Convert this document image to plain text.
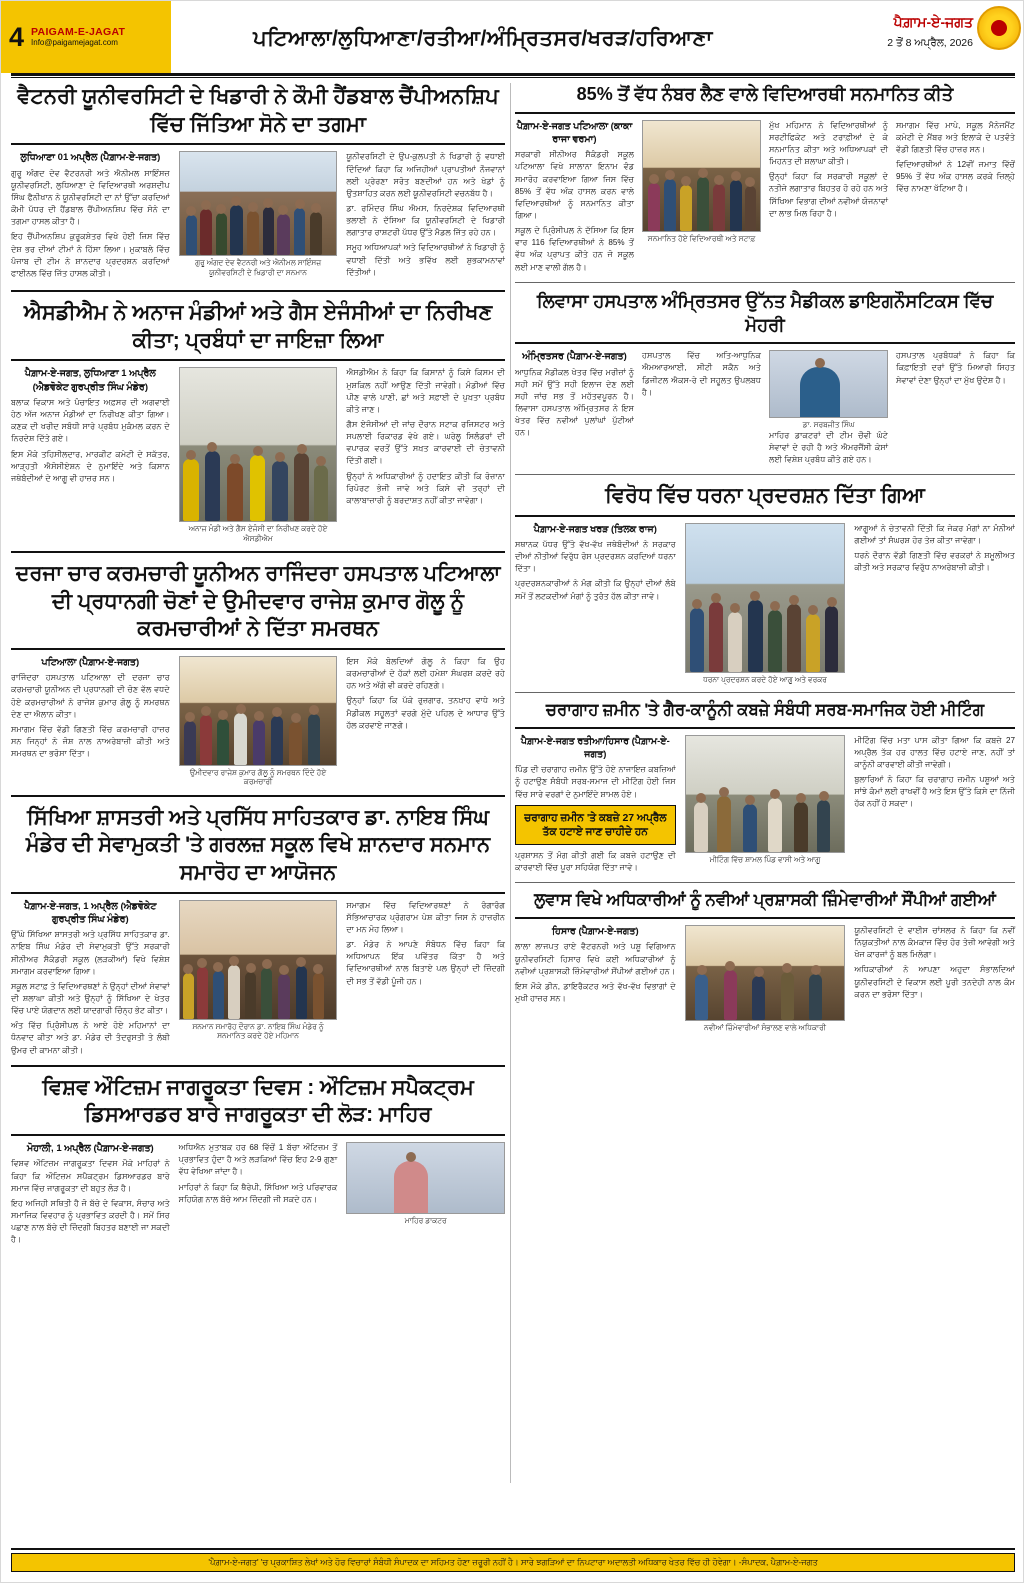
4 PAIGAM-E-JAGAT
Info@paigamejagat.com	ਪਟਿਆਲਾ/ਲੁਧਿਆਣਾ/ਰਤੀਆ/ਅੰਮ੍ਰਿਤਸਰ/ਖਰੜ/ਹਰਿਆਣਾ
ਪੈਗ਼ਾਮ-ਏ-ਜਗਤ
2 ਤੋਂ 8 ਅਪ੍ਰੈਲ, 2026
ਵੈਟਨਰੀ ਯੂਨੀਵਰਸਿਟੀ ਦੇ ਖਿਡਾਰੀ ਨੇ ਕੌਮੀ ਹੈਂਡਬਾਲ ਚੈਂਪੀਅਨਸ਼ਿਪ ਵਿੱਚ ਜਿੱਤਿਆ ਸੋਨੇ ਦਾ ਤਗਮਾ
ਲੁਧਿਆਣਾ 01 ਅਪ੍ਰੈਲ (ਪੈਗ਼ਾਮ-ਏ-ਜਗਤ)

ਗੁਰੂ ਅੰਗਦ ਦੇਵ ਵੈਟਰਨਰੀ ਅਤੇ ਐਨੀਮਲ ਸਾਇੰਸਜ਼ ਯੂਨੀਵਰਸਿਟੀ, ਲੁਧਿਆਣਾ ਦੇ ਵਿਦਿਆਰਥੀ ਅਰਸ਼ਦੀਪ ਸਿੰਘ ਫੈਨੀਖਾਨ ਨੇ ਯੂਨੀਵਰਸਿਟੀ ਦਾ ਨਾਂ ਉੱਚਾ ਕਰਦਿਆਂ ਕੌਮੀ ਪੱਧਰ ਦੀ ਹੈਂਡਬਾਲ ਚੈਂਪੀਅਨਸ਼ਿਪ ਵਿੱਚ ਸੋਨੇ ਦਾ ਤਗਮਾ ਹਾਸਲ ਕੀਤਾ ਹੈ।

ਇਹ ਚੈਂਪੀਅਨਸ਼ਿਪ ਕੁਰੂਕਸ਼ੇਤਰ ਵਿਖੇ ਹੋਈ ਜਿਸ ਵਿੱਚ ਦੇਸ਼ ਭਰ ਦੀਆਂ ਟੀਮਾਂ ਨੇ ਹਿੱਸਾ ਲਿਆ। ਮੁਕਾਬਲੇ ਵਿੱਚ ਪੰਜਾਬ ਦੀ ਟੀਮ ਨੇ ਸ਼ਾਨਦਾਰ ਪ੍ਰਦਰਸ਼ਨ ਕਰਦਿਆਂ ਫਾਈਨਲ ਵਿੱਚ ਜਿੱਤ ਹਾਸਲ ਕੀਤੀ।

ਗੁਰੂ ਅੰਗਦ ਦੇਵ ਵੈਟਨਰੀ ਅਤੇ ਐਨੀਮਲ ਸਾਇੰਸਜ਼ ਯੂਨੀਵਰਸਿਟੀ ਦੇ ਖਿਡਾਰੀ ਦਾ ਸਨਮਾਨ

ਯੂਨੀਵਰਸਿਟੀ ਦੇ ਉਪ-ਕੁਲਪਤੀ ਨੇ ਖਿਡਾਰੀ ਨੂੰ ਵਧਾਈ ਦਿੰਦਿਆਂ ਕਿਹਾ ਕਿ ਅਜਿਹੀਆਂ ਪ੍ਰਾਪਤੀਆਂ ਨੌਜਵਾਨਾਂ ਲਈ ਪ੍ਰੇਰਣਾ ਸਰੋਤ ਬਣਦੀਆਂ ਹਨ ਅਤੇ ਖੇਡਾਂ ਨੂੰ ਉਤਸ਼ਾਹਿਤ ਕਰਨ ਲਈ ਯੂਨੀਵਰਸਿਟੀ ਵਚਨਬੱਧ ਹੈ।

ਡਾ. ਰਮਿੰਦਰ ਸਿੰਘ ਐਮਸ, ਨਿਰਦੇਸ਼ਕ ਵਿਦਿਆਰਥੀ ਭਲਾਈ ਨੇ ਦੱਸਿਆ ਕਿ ਯੂਨੀਵਰਸਿਟੀ ਦੇ ਖਿਡਾਰੀ ਲਗਾਤਾਰ ਰਾਸ਼ਟਰੀ ਪੱਧਰ ਉੱਤੇ ਮੈਡਲ ਜਿੱਤ ਰਹੇ ਹਨ।

ਸਮੂਹ ਅਧਿਆਪਕਾਂ ਅਤੇ ਵਿਦਿਆਰਥੀਆਂ ਨੇ ਖਿਡਾਰੀ ਨੂੰ ਵਧਾਈ ਦਿੱਤੀ ਅਤੇ ਭਵਿੱਖ ਲਈ ਸ਼ੁਭਕਾਮਨਾਵਾਂ ਦਿੱਤੀਆਂ।

ਐਸਡੀਐਮ ਨੇ ਅਨਾਜ ਮੰਡੀਆਂ ਅਤੇ ਗੈਸ ਏਜੰਸੀਆਂ ਦਾ ਨਿਰੀਖਣ ਕੀਤਾ; ਪ੍ਰਬੰਧਾਂ ਦਾ ਜਾਇਜ਼ਾ ਲਿਆ
ਪੈਗ਼ਾਮ-ਏ-ਜਗਤ, ਲੁਧਿਆਣਾ 1 ਅਪ੍ਰੈਲ (ਐਡਵੋਕੇਟ ਗੁਰਪ੍ਰੀਤ ਸਿੰਘ ਮੰਡੇਰ)

ਬਲਾਕ ਵਿਕਾਸ ਅਤੇ ਪੰਚਾਇਤ ਅਫ਼ਸਰ ਦੀ ਅਗਵਾਈ ਹੇਠ ਅੱਜ ਅਨਾਜ ਮੰਡੀਆਂ ਦਾ ਨਿਰੀਖਣ ਕੀਤਾ ਗਿਆ। ਕਣਕ ਦੀ ਖਰੀਦ ਸਬੰਧੀ ਸਾਰੇ ਪ੍ਰਬੰਧ ਮੁਕੰਮਲ ਕਰਨ ਦੇ ਨਿਰਦੇਸ਼ ਦਿੱਤੇ ਗਏ।

ਇਸ ਮੌਕੇ ਤਹਿਸੀਲਦਾਰ, ਮਾਰਕੀਟ ਕਮੇਟੀ ਦੇ ਸਕੱਤਰ, ਆੜ੍ਹਤੀ ਐਸੋਸੀਏਸ਼ਨ ਦੇ ਨੁਮਾਇੰਦੇ ਅਤੇ ਕਿਸਾਨ ਜਥੇਬੰਦੀਆਂ ਦੇ ਆਗੂ ਵੀ ਹਾਜ਼ਰ ਸਨ।

ਅਨਾਜ ਮੰਡੀ ਅਤੇ ਗੈਸ ਏਜੰਸੀ ਦਾ ਨਿਰੀਖਣ ਕਰਦੇ ਹੋਏ ਐਸਡੀਐਮ

ਐਸਡੀਐਮ ਨੇ ਕਿਹਾ ਕਿ ਕਿਸਾਨਾਂ ਨੂੰ ਕਿਸੇ ਕਿਸਮ ਦੀ ਮੁਸ਼ਕਿਲ ਨਹੀਂ ਆਉਣ ਦਿੱਤੀ ਜਾਵੇਗੀ। ਮੰਡੀਆਂ ਵਿੱਚ ਪੀਣ ਵਾਲੇ ਪਾਣੀ, ਛਾਂ ਅਤੇ ਸਫ਼ਾਈ ਦੇ ਪੁਖ਼ਤਾ ਪ੍ਰਬੰਧ ਕੀਤੇ ਜਾਣ।

ਗੈਸ ਏਜੰਸੀਆਂ ਦੀ ਜਾਂਚ ਦੌਰਾਨ ਸਟਾਕ ਰਜਿਸਟਰ ਅਤੇ ਸਪਲਾਈ ਰਿਕਾਰਡ ਵੇਖੇ ਗਏ। ਘਰੇਲੂ ਸਿਲੰਡਰਾਂ ਦੀ ਵਪਾਰਕ ਵਰਤੋਂ ਉੱਤੇ ਸਖ਼ਤ ਕਾਰਵਾਈ ਦੀ ਚੇਤਾਵਨੀ ਦਿੱਤੀ ਗਈ।

ਉਨ੍ਹਾਂ ਨੇ ਅਧਿਕਾਰੀਆਂ ਨੂੰ ਹਦਾਇਤ ਕੀਤੀ ਕਿ ਰੋਜ਼ਾਨਾ ਰਿਪੋਰਟ ਭੇਜੀ ਜਾਵੇ ਅਤੇ ਕਿਸੇ ਵੀ ਤਰ੍ਹਾਂ ਦੀ ਕਾਲਾਬਾਜ਼ਾਰੀ ਨੂੰ ਬਰਦਾਸ਼ਤ ਨਹੀਂ ਕੀਤਾ ਜਾਵੇਗਾ।

ਦਰਜਾ ਚਾਰ ਕਰਮਚਾਰੀ ਯੂਨੀਅਨ ਰਾਜਿੰਦਰਾ ਹਸਪਤਾਲ ਪਟਿਆਲਾ ਦੀ ਪ੍ਰਧਾਨਗੀ ਚੋਣਾਂ ਦੇ ਉਮੀਦਵਾਰ ਰਾਜੇਸ਼ ਕੁਮਾਰ ਗੋਲੂ ਨੂੰ ਕਰਮਚਾਰੀਆਂ ਨੇ ਦਿੱਤਾ ਸਮਰਥਨ
ਪਟਿਆਲਾ (ਪੈਗ਼ਾਮ-ਏ-ਜਗਤ)

ਰਾਜਿੰਦਰਾ ਹਸਪਤਾਲ ਪਟਿਆਲਾ ਦੀ ਦਰਜਾ ਚਾਰ ਕਰਮਚਾਰੀ ਯੂਨੀਅਨ ਦੀ ਪ੍ਰਧਾਨਗੀ ਦੀ ਚੋਣ ਵੱਲ ਵਧਦੇ ਹੋਏ ਕਰਮਚਾਰੀਆਂ ਨੇ ਰਾਜੇਸ਼ ਕੁਮਾਰ ਗੋਲੂ ਨੂੰ ਸਮਰਥਨ ਦੇਣ ਦਾ ਐਲਾਨ ਕੀਤਾ।

ਸਮਾਗਮ ਵਿੱਚ ਵੱਡੀ ਗਿਣਤੀ ਵਿੱਚ ਕਰਮਚਾਰੀ ਹਾਜ਼ਰ ਸਨ ਜਿਨ੍ਹਾਂ ਨੇ ਜੋਸ਼ ਨਾਲ ਨਾਅਰੇਬਾਜ਼ੀ ਕੀਤੀ ਅਤੇ ਸਮਰਥਨ ਦਾ ਭਰੋਸਾ ਦਿੱਤਾ।

ਉਮੀਦਵਾਰ ਰਾਜੇਸ਼ ਕੁਮਾਰ ਗੋਲੂ ਨੂੰ ਸਮਰਥਨ ਦਿੰਦੇ ਹੋਏ ਕਰਮਚਾਰੀ

ਇਸ ਮੌਕੇ ਬੋਲਦਿਆਂ ਗੋਲੂ ਨੇ ਕਿਹਾ ਕਿ ਉਹ ਕਰਮਚਾਰੀਆਂ ਦੇ ਹੱਕਾਂ ਲਈ ਹਮੇਸ਼ਾ ਸੰਘਰਸ਼ ਕਰਦੇ ਰਹੇ ਹਨ ਅਤੇ ਅੱਗੇ ਵੀ ਕਰਦੇ ਰਹਿਣਗੇ।

ਉਨ੍ਹਾਂ ਕਿਹਾ ਕਿ ਪੱਕੇ ਰੁਜ਼ਗਾਰ, ਤਨਖ਼ਾਹ ਵਾਧੇ ਅਤੇ ਮੈਡੀਕਲ ਸਹੂਲਤਾਂ ਵਰਗੇ ਮੁੱਦੇ ਪਹਿਲ ਦੇ ਆਧਾਰ ਉੱਤੇ ਹੱਲ ਕਰਵਾਏ ਜਾਣਗੇ।

ਸਿੱਖਿਆ ਸ਼ਾਸਤਰੀ ਅਤੇ ਪ੍ਰਸਿੱਧ ਸਾਹਿਤਕਾਰ ਡਾ. ਨਾਇਬ ਸਿੰਘ ਮੰਡੇਰ ਦੀ ਸੇਵਾਮੁਕਤੀ 'ਤੇ ਗਰਲਜ਼ ਸਕੂਲ ਵਿਖੇ ਸ਼ਾਨਦਾਰ ਸਨਮਾਨ ਸਮਾਰੋਹ ਦਾ ਆਯੋਜਨ
ਪੈਗ਼ਾਮ-ਏ-ਜਗਤ, 1 ਅਪ੍ਰੈਲ (ਐਡਵੋਕੇਟ ਗੁਰਪ੍ਰੀਤ ਸਿੰਘ ਮੰਡੇਰ)

ਉੱਘੇ ਸਿੱਖਿਆ ਸ਼ਾਸਤਰੀ ਅਤੇ ਪ੍ਰਸਿੱਧ ਸਾਹਿਤਕਾਰ ਡਾ. ਨਾਇਬ ਸਿੰਘ ਮੰਡੇਰ ਦੀ ਸੇਵਾਮੁਕਤੀ ਉੱਤੇ ਸਰਕਾਰੀ ਸੀਨੀਅਰ ਸੈਕੰਡਰੀ ਸਕੂਲ (ਲੜਕੀਆਂ) ਵਿਖੇ ਵਿਸ਼ੇਸ਼ ਸਮਾਗਮ ਕਰਵਾਇਆ ਗਿਆ।

ਸਕੂਲ ਸਟਾਫ਼ ਤੇ ਵਿਦਿਆਰਥਣਾਂ ਨੇ ਉਨ੍ਹਾਂ ਦੀਆਂ ਸੇਵਾਵਾਂ ਦੀ ਸ਼ਲਾਘਾ ਕੀਤੀ ਅਤੇ ਉਨ੍ਹਾਂ ਨੂੰ ਸਿੱਖਿਆ ਦੇ ਖੇਤਰ ਵਿੱਚ ਪਾਏ ਯੋਗਦਾਨ ਲਈ ਯਾਦਗਾਰੀ ਚਿੰਨ੍ਹ ਭੇਟ ਕੀਤਾ।

ਅੰਤ ਵਿੱਚ ਪ੍ਰਿੰਸੀਪਲ ਨੇ ਆਏ ਹੋਏ ਮਹਿਮਾਨਾਂ ਦਾ ਧੰਨਵਾਦ ਕੀਤਾ ਅਤੇ ਡਾ. ਮੰਡੇਰ ਦੀ ਤੰਦਰੁਸਤੀ ਤੇ ਲੰਬੀ ਉਮਰ ਦੀ ਕਾਮਨਾ ਕੀਤੀ।

ਸਨਮਾਨ ਸਮਾਰੋਹ ਦੌਰਾਨ ਡਾ. ਨਾਇਬ ਸਿੰਘ ਮੰਡੇਰ ਨੂੰ ਸਨਮਾਨਿਤ ਕਰਦੇ ਹੋਏ ਮਹਿਮਾਨ

ਸਮਾਗਮ ਵਿੱਚ ਵਿਦਿਆਰਥਣਾਂ ਨੇ ਰੰਗਾਰੰਗ ਸੱਭਿਆਚਾਰਕ ਪ੍ਰੋਗਰਾਮ ਪੇਸ਼ ਕੀਤਾ ਜਿਸ ਨੇ ਹਾਜ਼ਰੀਨ ਦਾ ਮਨ ਮੋਹ ਲਿਆ।

ਡਾ. ਮੰਡੇਰ ਨੇ ਆਪਣੇ ਸੰਬੋਧਨ ਵਿੱਚ ਕਿਹਾ ਕਿ ਅਧਿਆਪਨ ਇੱਕ ਪਵਿੱਤਰ ਕਿੱਤਾ ਹੈ ਅਤੇ ਵਿਦਿਆਰਥੀਆਂ ਨਾਲ ਬਿਤਾਏ ਪਲ ਉਨ੍ਹਾਂ ਦੀ ਜ਼ਿੰਦਗੀ ਦੀ ਸਭ ਤੋਂ ਵੱਡੀ ਪੂੰਜੀ ਹਨ।

ਵਿਸ਼ਵ ਔਟਿਜ਼ਮ ਜਾਗਰੂਕਤਾ ਦਿਵਸ : ਔਟਿਜ਼ਮ ਸਪੈਕਟ੍ਰਮ ਡਿਸਆਰਡਰ ਬਾਰੇ ਜਾਗਰੂਕਤਾ ਦੀ ਲੋੜ: ਮਾਹਿਰ
ਮੋਹਾਲੀ, 1 ਅਪ੍ਰੈਲ (ਪੈਗ਼ਾਮ-ਏ-ਜਗਤ)

ਵਿਸ਼ਵ ਔਟਿਜ਼ਮ ਜਾਗਰੂਕਤਾ ਦਿਵਸ ਮੌਕੇ ਮਾਹਿਰਾਂ ਨੇ ਕਿਹਾ ਕਿ ਔਟਿਜ਼ਮ ਸਪੈਕਟ੍ਰਮ ਡਿਸਆਰਡਰ ਬਾਰੇ ਸਮਾਜ ਵਿੱਚ ਜਾਗਰੂਕਤਾ ਦੀ ਬਹੁਤ ਲੋੜ ਹੈ।

ਇਹ ਅਜਿਹੀ ਸਥਿਤੀ ਹੈ ਜੋ ਬੱਚੇ ਦੇ ਵਿਕਾਸ, ਸੰਚਾਰ ਅਤੇ ਸਮਾਜਿਕ ਵਿਵਹਾਰ ਨੂੰ ਪ੍ਰਭਾਵਿਤ ਕਰਦੀ ਹੈ। ਸਮੇਂ ਸਿਰ ਪਛਾਣ ਨਾਲ ਬੱਚੇ ਦੀ ਜ਼ਿੰਦਗੀ ਬਿਹਤਰ ਬਣਾਈ ਜਾ ਸਕਦੀ ਹੈ।

ਅਧਿਐਨ ਮੁਤਾਬਕ ਹਰ 68 ਵਿੱਚੋਂ 1 ਬੱਚਾ ਔਟਿਜ਼ਮ ਤੋਂ ਪ੍ਰਭਾਵਿਤ ਹੁੰਦਾ ਹੈ ਅਤੇ ਲੜਕਿਆਂ ਵਿੱਚ ਇਹ 2-9 ਗੁਣਾ ਵੱਧ ਵੇਖਿਆ ਜਾਂਦਾ ਹੈ।

ਮਾਹਿਰਾਂ ਨੇ ਕਿਹਾ ਕਿ ਥੈਰੇਪੀ, ਸਿੱਖਿਆ ਅਤੇ ਪਰਿਵਾਰਕ ਸਹਿਯੋਗ ਨਾਲ ਬੱਚੇ ਆਮ ਜ਼ਿੰਦਗੀ ਜੀ ਸਕਦੇ ਹਨ।

ਮਾਹਿਰ ਡਾਕਟਰ
85% ਤੋਂ ਵੱਧ ਨੰਬਰ ਲੈਣ ਵਾਲੇ ਵਿਦਿਆਰਥੀ ਸਨਮਾਨਿਤ ਕੀਤੇ
ਪੈਗ਼ਾਮ-ਏ-ਜਗਤ ਪਟਿਆਲਾ (ਕਾਕਾ ਰਾਜਾ ਵਰਮਾ)

ਸਰਕਾਰੀ ਸੀਨੀਅਰ ਸੈਕੰਡਰੀ ਸਕੂਲ ਪਟਿਆਲਾ ਵਿਖੇ ਸਾਲਾਨਾ ਇਨਾਮ ਵੰਡ ਸਮਾਰੋਹ ਕਰਵਾਇਆ ਗਿਆ ਜਿਸ ਵਿੱਚ 85% ਤੋਂ ਵੱਧ ਅੰਕ ਹਾਸਲ ਕਰਨ ਵਾਲੇ ਵਿਦਿਆਰਥੀਆਂ ਨੂੰ ਸਨਮਾਨਿਤ ਕੀਤਾ ਗਿਆ।

ਸਕੂਲ ਦੇ ਪ੍ਰਿੰਸੀਪਲ ਨੇ ਦੱਸਿਆ ਕਿ ਇਸ ਵਾਰ 116 ਵਿਦਿਆਰਥੀਆਂ ਨੇ 85% ਤੋਂ ਵੱਧ ਅੰਕ ਪ੍ਰਾਪਤ ਕੀਤੇ ਹਨ ਜੋ ਸਕੂਲ ਲਈ ਮਾਣ ਵਾਲੀ ਗੱਲ ਹੈ।

ਸਨਮਾਨਿਤ ਹੋਏ ਵਿਦਿਆਰਥੀ ਅਤੇ ਸਟਾਫ਼

ਮੁੱਖ ਮਹਿਮਾਨ ਨੇ ਵਿਦਿਆਰਥੀਆਂ ਨੂੰ ਸਰਟੀਫਿਕੇਟ ਅਤੇ ਟਰਾਫ਼ੀਆਂ ਦੇ ਕੇ ਸਨਮਾਨਿਤ ਕੀਤਾ ਅਤੇ ਅਧਿਆਪਕਾਂ ਦੀ ਮਿਹਨਤ ਦੀ ਸ਼ਲਾਘਾ ਕੀਤੀ।

ਉਨ੍ਹਾਂ ਕਿਹਾ ਕਿ ਸਰਕਾਰੀ ਸਕੂਲਾਂ ਦੇ ਨਤੀਜੇ ਲਗਾਤਾਰ ਬਿਹਤਰ ਹੋ ਰਹੇ ਹਨ ਅਤੇ ਸਿੱਖਿਆ ਵਿਭਾਗ ਦੀਆਂ ਨਵੀਆਂ ਯੋਜਨਾਵਾਂ ਦਾ ਲਾਭ ਮਿਲ ਰਿਹਾ ਹੈ।

ਸਮਾਗਮ ਵਿੱਚ ਮਾਪੇ, ਸਕੂਲ ਮੈਨੇਜਮੈਂਟ ਕਮੇਟੀ ਦੇ ਮੈਂਬਰ ਅਤੇ ਇਲਾਕੇ ਦੇ ਪਤਵੰਤੇ ਵੱਡੀ ਗਿਣਤੀ ਵਿੱਚ ਹਾਜ਼ਰ ਸਨ।

ਵਿਦਿਆਰਥੀਆਂ ਨੇ 12ਵੀਂ ਜਮਾਤ ਵਿੱਚੋਂ 95% ਤੋਂ ਵੱਧ ਅੰਕ ਹਾਸਲ ਕਰਕੇ ਜ਼ਿਲ੍ਹੇ ਵਿੱਚ ਨਾਮਣਾ ਖੱਟਿਆ ਹੈ।

ਲਿਵਾਸਾ ਹਸਪਤਾਲ ਅੰਮ੍ਰਿਤਸਰ ਉੱਨਤ ਮੈਡੀਕਲ ਡਾਇਗਨੌਸਟਿਕਸ ਵਿੱਚ ਮੋਹਰੀ
ਅੰਮ੍ਰਿਤਸਰ (ਪੈਗ਼ਾਮ-ਏ-ਜਗਤ)

ਆਧੁਨਿਕ ਮੈਡੀਕਲ ਖੇਤਰ ਵਿੱਚ ਮਰੀਜ਼ਾਂ ਨੂੰ ਸਹੀ ਸਮੇਂ ਉੱਤੇ ਸਹੀ ਇਲਾਜ ਦੇਣ ਲਈ ਸਹੀ ਜਾਂਚ ਸਭ ਤੋਂ ਮਹੱਤਵਪੂਰਨ ਹੈ। ਲਿਵਾਸਾ ਹਸਪਤਾਲ ਅੰਮ੍ਰਿਤਸਰ ਨੇ ਇਸ ਖੇਤਰ ਵਿੱਚ ਨਵੀਆਂ ਪੁਲਾਂਘਾਂ ਪੁੱਟੀਆਂ ਹਨ।

ਹਸਪਤਾਲ ਵਿੱਚ ਅਤਿ-ਆਧੁਨਿਕ ਐਮਆਰਆਈ, ਸੀਟੀ ਸਕੈਨ ਅਤੇ ਡਿਜੀਟਲ ਐਕਸ-ਰੇ ਦੀ ਸਹੂਲਤ ਉਪਲਬਧ ਹੈ।

ਡਾ. ਸਰਬਜੀਤ ਸਿੰਘ

ਮਾਹਿਰ ਡਾਕਟਰਾਂ ਦੀ ਟੀਮ ਚੌਵੀ ਘੰਟੇ ਸੇਵਾਵਾਂ ਦੇ ਰਹੀ ਹੈ ਅਤੇ ਐਮਰਜੈਂਸੀ ਕੇਸਾਂ ਲਈ ਵਿਸ਼ੇਸ਼ ਪ੍ਰਬੰਧ ਕੀਤੇ ਗਏ ਹਨ।

ਹਸਪਤਾਲ ਪ੍ਰਬੰਧਕਾਂ ਨੇ ਕਿਹਾ ਕਿ ਕਿਫ਼ਾਇਤੀ ਦਰਾਂ ਉੱਤੇ ਮਿਆਰੀ ਸਿਹਤ ਸੇਵਾਵਾਂ ਦੇਣਾ ਉਨ੍ਹਾਂ ਦਾ ਮੁੱਖ ਉਦੇਸ਼ ਹੈ।

ਵਿਰੋਧ ਵਿੱਚ ਧਰਨਾ ਪ੍ਰਦਰਸ਼ਨ ਦਿੱਤਾ ਗਿਆ
ਪੈਗ਼ਾਮ-ਏ-ਜਗਤ ਖਰੜ (ਤਿਲਕ ਰਾਜ)

ਸਥਾਨਕ ਪੱਧਰ ਉੱਤੇ ਵੱਖ-ਵੱਖ ਜਥੇਬੰਦੀਆਂ ਨੇ ਸਰਕਾਰ ਦੀਆਂ ਨੀਤੀਆਂ ਵਿਰੁੱਧ ਰੋਸ ਪ੍ਰਦਰਸ਼ਨ ਕਰਦਿਆਂ ਧਰਨਾ ਦਿੱਤਾ।

ਪ੍ਰਦਰਸ਼ਨਕਾਰੀਆਂ ਨੇ ਮੰਗ ਕੀਤੀ ਕਿ ਉਨ੍ਹਾਂ ਦੀਆਂ ਲੰਬੇ ਸਮੇਂ ਤੋਂ ਲਟਕਦੀਆਂ ਮੰਗਾਂ ਨੂੰ ਤੁਰੰਤ ਹੱਲ ਕੀਤਾ ਜਾਵੇ।

ਧਰਨਾ ਪ੍ਰਦਰਸ਼ਨ ਕਰਦੇ ਹੋਏ ਆਗੂ ਅਤੇ ਵਰਕਰ

ਆਗੂਆਂ ਨੇ ਚੇਤਾਵਨੀ ਦਿੱਤੀ ਕਿ ਜੇਕਰ ਮੰਗਾਂ ਨਾ ਮੰਨੀਆਂ ਗਈਆਂ ਤਾਂ ਸੰਘਰਸ਼ ਹੋਰ ਤੇਜ਼ ਕੀਤਾ ਜਾਵੇਗਾ।

ਧਰਨੇ ਦੌਰਾਨ ਵੱਡੀ ਗਿਣਤੀ ਵਿੱਚ ਵਰਕਰਾਂ ਨੇ ਸ਼ਮੂਲੀਅਤ ਕੀਤੀ ਅਤੇ ਸਰਕਾਰ ਵਿਰੁੱਧ ਨਾਅਰੇਬਾਜ਼ੀ ਕੀਤੀ।

ਚਰਾਗਾਹ ਜ਼ਮੀਨ 'ਤੇ ਗੈਰ-ਕਾਨੂੰਨੀ ਕਬਜ਼ੇ ਸੰਬੰਧੀ ਸਰਬ-ਸਮਾਜਿਕ ਹੋਈ ਮੀਟਿੰਗ
ਪੈਗ਼ਾਮ-ਏ-ਜਗਤ ਰਤੀਆ/ਹਿਸਾਰ (ਪੈਗ਼ਾਮ-ਏ-ਜਗਤ)

ਪਿੰਡ ਦੀ ਚਰਾਗਾਹ ਜ਼ਮੀਨ ਉੱਤੇ ਹੋਏ ਨਾਜਾਇਜ਼ ਕਬਜ਼ਿਆਂ ਨੂੰ ਹਟਾਉਣ ਸੰਬੰਧੀ ਸਰਬ-ਸਮਾਜ ਦੀ ਮੀਟਿੰਗ ਹੋਈ ਜਿਸ ਵਿੱਚ ਸਾਰੇ ਵਰਗਾਂ ਦੇ ਨੁਮਾਇੰਦੇ ਸ਼ਾਮਲ ਹੋਏ।

ਚਰਾਗਾਹ ਜ਼ਮੀਨ 'ਤੇ ਕਬਜ਼ੇ 27 ਅਪ੍ਰੈਲ ਤੱਕ ਹਟਾਏ ਜਾਣ ਚਾਹੀਦੇ ਹਨ

ਪ੍ਰਸ਼ਾਸਨ ਤੋਂ ਮੰਗ ਕੀਤੀ ਗਈ ਕਿ ਕਬਜ਼ੇ ਹਟਾਉਣ ਦੀ ਕਾਰਵਾਈ ਵਿੱਚ ਪੂਰਾ ਸਹਿਯੋਗ ਦਿੱਤਾ ਜਾਵੇ।

ਮੀਟਿੰਗ ਵਿੱਚ ਸ਼ਾਮਲ ਪਿੰਡ ਵਾਸੀ ਅਤੇ ਆਗੂ

ਮੀਟਿੰਗ ਵਿੱਚ ਮਤਾ ਪਾਸ ਕੀਤਾ ਗਿਆ ਕਿ ਕਬਜ਼ੇ 27 ਅਪ੍ਰੈਲ ਤੱਕ ਹਰ ਹਾਲਤ ਵਿੱਚ ਹਟਾਏ ਜਾਣ, ਨਹੀਂ ਤਾਂ ਕਾਨੂੰਨੀ ਕਾਰਵਾਈ ਕੀਤੀ ਜਾਵੇਗੀ।

ਬੁਲਾਰਿਆਂ ਨੇ ਕਿਹਾ ਕਿ ਚਰਾਗਾਹ ਜ਼ਮੀਨ ਪਸ਼ੂਆਂ ਅਤੇ ਸਾਂਝੇ ਕੰਮਾਂ ਲਈ ਰਾਖਵੀਂ ਹੈ ਅਤੇ ਇਸ ਉੱਤੇ ਕਿਸੇ ਦਾ ਨਿੱਜੀ ਹੱਕ ਨਹੀਂ ਹੋ ਸਕਦਾ।

ਲੁਵਾਸ ਵਿਖੇ ਅਧਿਕਾਰੀਆਂ ਨੂੰ ਨਵੀਆਂ ਪ੍ਰਸ਼ਾਸਕੀ ਜ਼ਿੰਮੇਵਾਰੀਆਂ ਸੌਂਪੀਆਂ ਗਈਆਂ
ਹਿਸਾਰ (ਪੈਗ਼ਾਮ-ਏ-ਜਗਤ)

ਲਾਲਾ ਲਾਜਪਤ ਰਾਏ ਵੈਟਰਨਰੀ ਅਤੇ ਪਸ਼ੂ ਵਿਗਿਆਨ ਯੂਨੀਵਰਸਿਟੀ ਹਿਸਾਰ ਵਿਖੇ ਕਈ ਅਧਿਕਾਰੀਆਂ ਨੂੰ ਨਵੀਆਂ ਪ੍ਰਸ਼ਾਸਕੀ ਜ਼ਿੰਮੇਵਾਰੀਆਂ ਸੌਂਪੀਆਂ ਗਈਆਂ ਹਨ।

ਇਸ ਮੌਕੇ ਡੀਨ, ਡਾਇਰੈਕਟਰ ਅਤੇ ਵੱਖ-ਵੱਖ ਵਿਭਾਗਾਂ ਦੇ ਮੁਖੀ ਹਾਜ਼ਰ ਸਨ।

ਨਵੀਆਂ ਜ਼ਿੰਮੇਵਾਰੀਆਂ ਸੰਭਾਲਣ ਵਾਲੇ ਅਧਿਕਾਰੀ

ਯੂਨੀਵਰਸਿਟੀ ਦੇ ਵਾਈਸ ਚਾਂਸਲਰ ਨੇ ਕਿਹਾ ਕਿ ਨਵੀਂ ਨਿਯੁਕਤੀਆਂ ਨਾਲ ਕੰਮਕਾਜ ਵਿੱਚ ਹੋਰ ਤੇਜ਼ੀ ਆਵੇਗੀ ਅਤੇ ਖੋਜ ਕਾਰਜਾਂ ਨੂੰ ਬਲ ਮਿਲੇਗਾ।

ਅਧਿਕਾਰੀਆਂ ਨੇ ਆਪਣਾ ਅਹੁਦਾ ਸੰਭਾਲਦਿਆਂ ਯੂਨੀਵਰਸਿਟੀ ਦੇ ਵਿਕਾਸ ਲਈ ਪੂਰੀ ਤਨਦੇਹੀ ਨਾਲ ਕੰਮ ਕਰਨ ਦਾ ਭਰੋਸਾ ਦਿੱਤਾ।

'ਪੈਗ਼ਾਮ-ਏ-ਜਗਤ' 'ਚ ਪ੍ਰਕਾਸ਼ਿਤ ਲੇਖਾਂ ਅਤੇ ਹੋਰ ਵਿਚਾਰਾਂ ਸੰਬੰਧੀ ਸੰਪਾਦਕ ਦਾ ਸਹਿਮਤ ਹੋਣਾ ਜ਼ਰੂਰੀ ਨਹੀਂ ਹੈ। ਸਾਰੇ ਝਗੜਿਆਂ ਦਾ ਨਿਪਟਾਰਾ ਅਦਾਲਤੀ ਅਧਿਕਾਰ ਖੇਤਰ ਵਿੱਚ ਹੀ ਹੋਵੇਗਾ। -ਸੰਪਾਦਕ, ਪੈਗ਼ਾਮ-ਏ-ਜਗਤ
